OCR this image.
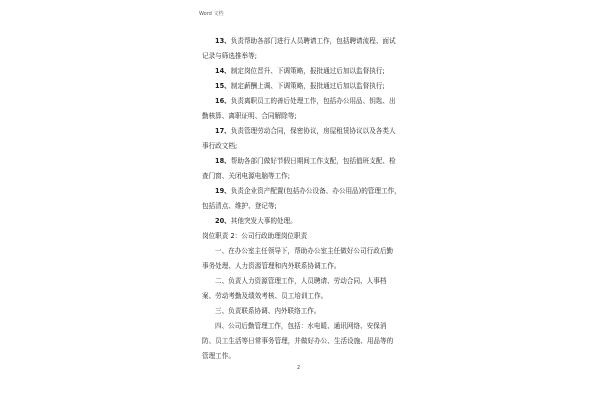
Word 文档
13、负责帮助各部门进行人员聘请工作，包括聘请流程、面试
记录与筛选推举等;
14、制定岗位晋升、下调策略，报批通过后加以监督执行;
15、制定薪酬上调、下调策略，报批通过后加以监督执行;
16、负责离职员工的善后处理工作，包括办公用品、钥匙、出
勤核算、离职证明、合同解除等;
17、负责管理劳动合同，保密协议，房屋租赁协议以及各类人
事行政文档;
18、帮助各部门做好节假日期间工作支配，包括值班支配、检
查门窗、关闭电源电脑等工作;
19、负责企业资产配置(包括办公设备、办公用品)的管理工作，
包括清点、维护、登记等;
20、其他突发大事的处理。
岗位职责 2：公司行政助理岗位职责
一、在办公室主任领导下，帮助办公室主任做好公司行政后勤
事务处理、人力资源管理和内外联系协调工作。
二、负责人力资源管理工作，人员聘请、劳动合同、人事档
案、劳动考勤及绩效考核、员工培训工作。
三、负责联系协调、内外联络工作。
四、公司后勤管理工作，包括：水电暖、通讯网络、安保消
防、员工生活等日常事务管理，并做好办公、生活设施、用品等的
管理工作。
2
